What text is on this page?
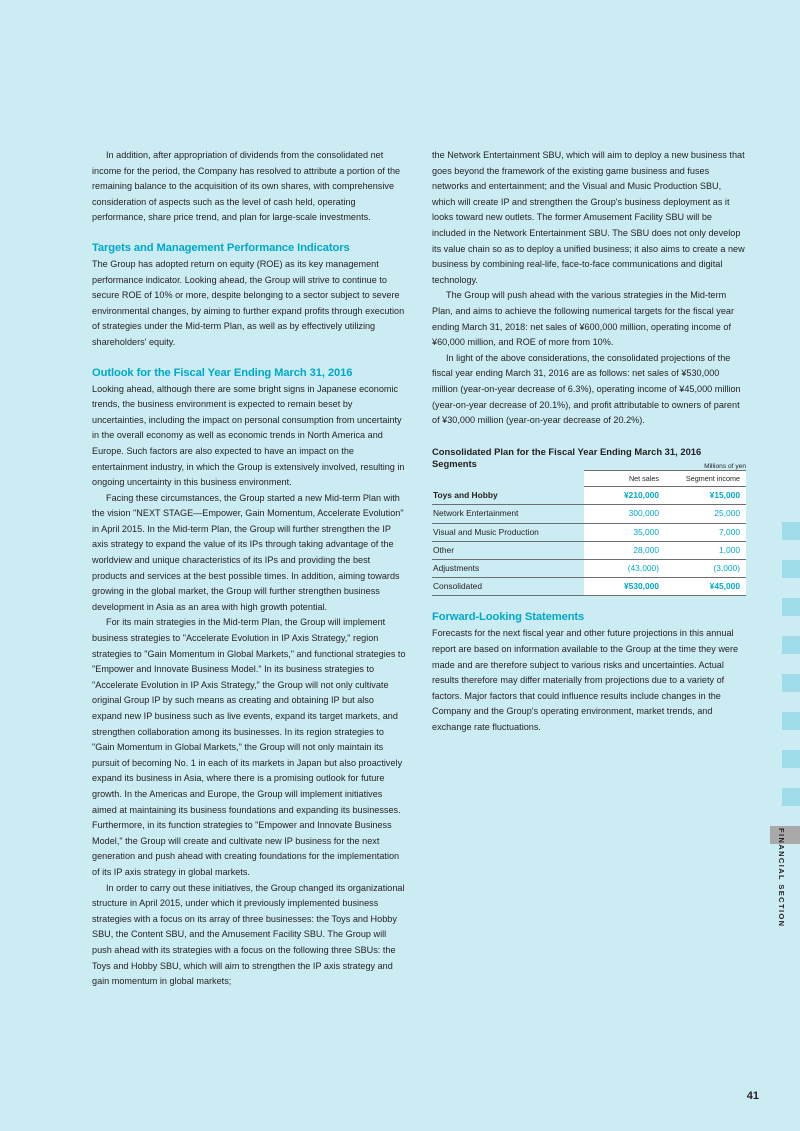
FINANCIAL SECTION

In addition, after appropriation of dividends from the consolidated net income for the period, the Company has resolved to attribute a portion of the remaining balance to the acquisition of its own shares, with comprehensive consideration of aspects such as the level of cash held, operating performance, share price trend, and plan for large-scale investments.

Targets and Management Performance Indicators

The Group has adopted return on equity (ROE) as its key management performance indicator. Looking ahead, the Group will strive to continue to secure ROE of 10% or more, despite belonging to a sector subject to severe environmental changes, by aiming to further expand profits through execution of strategies under the Mid-term Plan, as well as by effectively utilizing shareholders' equity.

Outlook for the Fiscal Year Ending March 31, 2016

Looking ahead, although there are some bright signs in Japanese economic trends, the business environment is expected to remain beset by uncertainties, including the impact on personal consumption from uncertainty in the overall economy as well as economic trends in North America and Europe. Such factors are also expected to have an impact on the entertainment industry, in which the Group is extensively involved, resulting in ongoing uncertainty in this business environment.

Facing these circumstances, the Group started a new Mid-term Plan with the vision "NEXT STAGE—Empower, Gain Momentum, Accelerate Evolution" in April 2015. In the Mid-term Plan, the Group will further strengthen the IP axis strategy to expand the value of its IPs through taking advantage of the worldview and unique characteristics of its IPs and providing the best products and services at the best possible times. In addition, aiming towards growing in the global market, the Group will further strengthen business development in Asia as an area with high growth potential.

For its main strategies in the Mid-term Plan, the Group will implement business strategies to "Accelerate Evolution in IP Axis Strategy," region strategies to "Gain Momentum in Global Markets," and functional strategies to "Empower and Innovate Business Model." In its business strategies to "Accelerate Evolution in IP Axis Strategy," the Group will not only cultivate original Group IP by such means as creating and obtaining IP but also expand new IP business such as live events, expand its target markets, and strengthen collaboration among its businesses. In its region strategies to "Gain Momentum in Global Markets," the Group will not only maintain its pursuit of becoming No. 1 in each of its markets in Japan but also proactively expand its business in Asia, where there is a promising outlook for future growth. In the Americas and Europe, the Group will implement initiatives aimed at maintaining its business foundations and expanding its businesses. Furthermore, in its function strategies to "Empower and Innovate Business Model," the Group will create and cultivate new IP business for the next generation and push ahead with creating foundations for the implementation of its IP axis strategy in global markets.

In order to carry out these initiatives, the Group changed its organizational structure in April 2015, under which it previously implemented business strategies with a focus on its array of three businesses: the Toys and Hobby SBU, the Content SBU, and the Amusement Facility SBU. The Group will push ahead with its strategies with a focus on the following three SBUs: the Toys and Hobby SBU, which will aim to strengthen the IP axis strategy and gain momentum in global markets;

the Network Entertainment SBU, which will aim to deploy a new business that goes beyond the framework of the existing game business and fuses networks and entertainment; and the Visual and Music Production SBU, which will create IP and strengthen the Group's business deployment as it looks toward new outlets. The former Amusement Facility SBU will be included in the Network Entertainment SBU. The SBU does not only develop its value chain so as to deploy a unified business; it also aims to create a new business by combining real-life, face-to-face communications and digital technology.

The Group will push ahead with the various strategies in the Mid-term Plan, and aims to achieve the following numerical targets for the fiscal year ending March 31, 2018: net sales of ¥600,000 million, operating income of ¥60,000 million, and ROE of more from 10%.

In light of the above considerations, the consolidated projections of the fiscal year ending March 31, 2016 are as follows: net sales of ¥530,000 million (year-on-year decrease of 6.3%), operating income of ¥45,000 million (year-on-year decrease of 20.1%), and profit attributable to owners of parent of ¥30,000 million (year-on-year decrease of 20.2%).

Consolidated Plan for the Fiscal Year Ending March 31, 2016

Segments	Millions of yen
	Net sales	Segment income
Toys and Hobby	¥210,000	¥15,000
Network Entertainment	300,000	25,000
Visual and Music Production	35,000	7,000
Other	28,000	1,000
Adjustments	(43,000)	(3,000)
Consolidated	¥530,000	¥45,000
Forward-Looking Statements

Forecasts for the next fiscal year and other future projections in this annual report are based on information available to the Group at the time they were made and are therefore subject to various risks and uncertainties. Actual results therefore may differ materially from projections due to a variety of factors. Major factors that could influence results include changes in the Company and the Group's operating environment, market trends, and exchange rate fluctuations.

41
